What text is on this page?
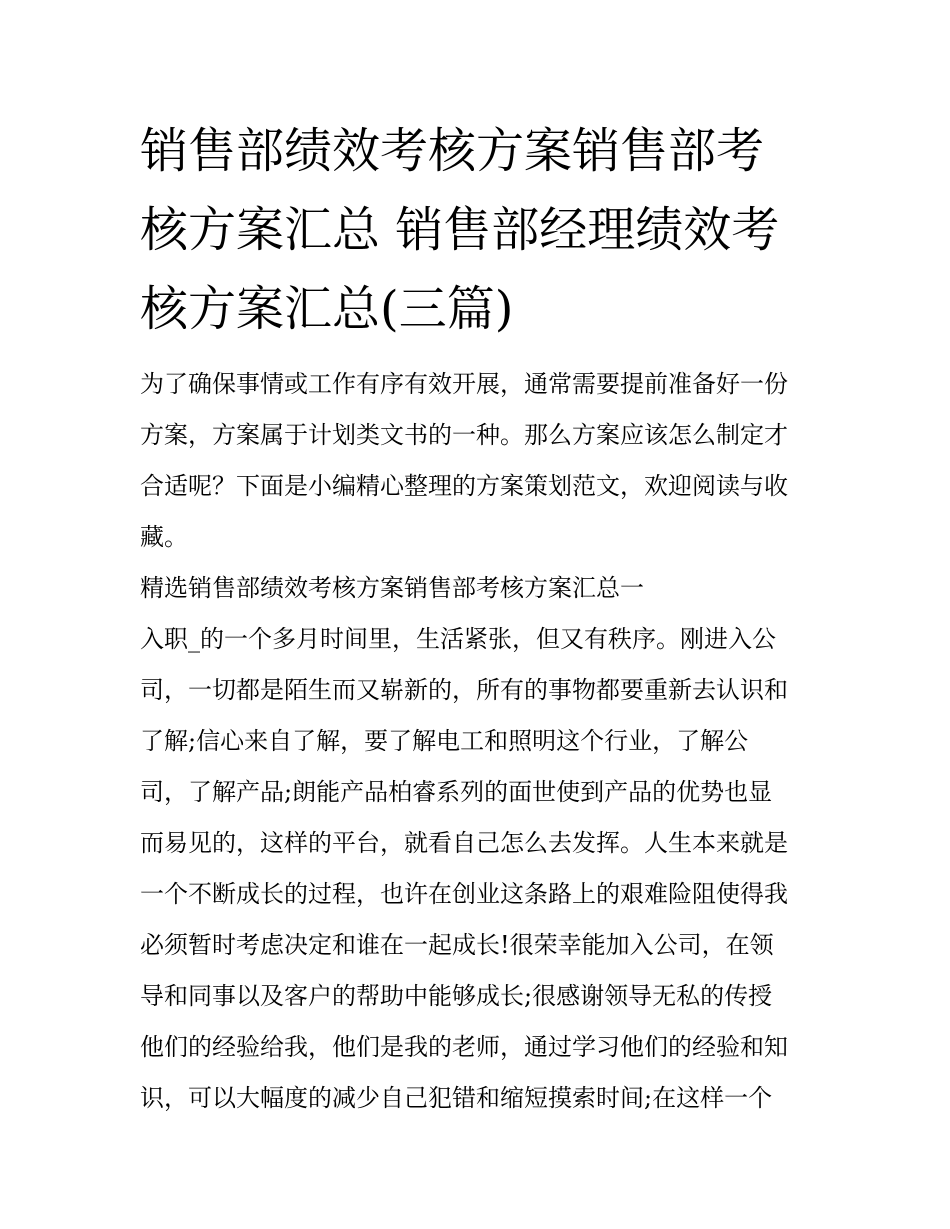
销售部绩效考核方案销售部考
核方案汇总 销售部经理绩效考
核方案汇总(三篇)

为了确保事情或工作有序有效开展，通常需要提前准备好一份
方案，方案属于计划类文书的一种。那么方案应该怎么制定才
合适呢？下面是小编精心整理的方案策划范文，欢迎阅读与收
藏。

精选销售部绩效考核方案销售部考核方案汇总一

入职_的一个多月时间里，生活紧张，但又有秩序。刚进入公
司，一切都是陌生而又崭新的，所有的事物都要重新去认识和
了解;信心来自了解，要了解电工和照明这个行业，了解公
司，了解产品;朗能产品柏睿系列的面世使到产品的优势也显
而易见的，这样的平台，就看自己怎么去发挥。人生本来就是
一个不断成长的过程，也许在创业这条路上的艰难险阻使得我
必须暂时考虑决定和谁在一起成长!很荣幸能加入公司，在领
导和同事以及客户的帮助中能够成长;很感谢领导无私的传授
他们的经验给我，他们是我的老师，通过学习他们的经验和知
识，可以大幅度的减少自己犯错和缩短摸索时间;在这样一个
